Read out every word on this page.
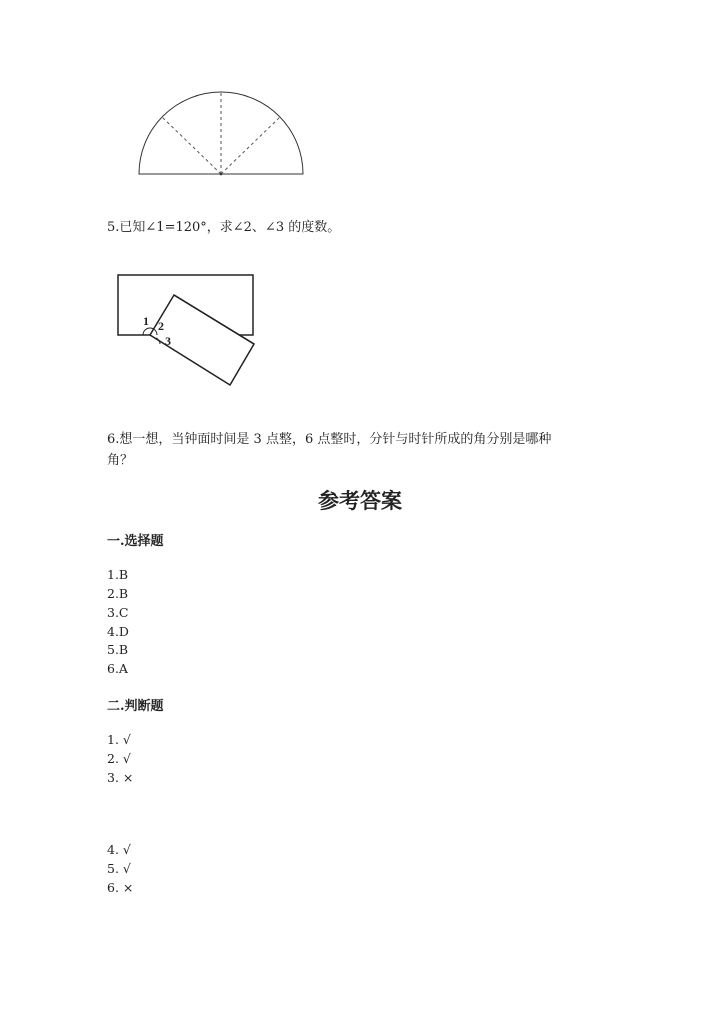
5.已知∠1=120°，求∠2、∠3 的度数。
1 2
3
6.想一想，当钟面时间是 3 点整，6 点整时，分针与时针所成的角分别是哪种
角？
参考答案
一.选择题
1.B
2.B
3.C
4.D
5.B
6.A
二.判断题
1. √
2. √
3. ×
4. √
5. √
6. ×
